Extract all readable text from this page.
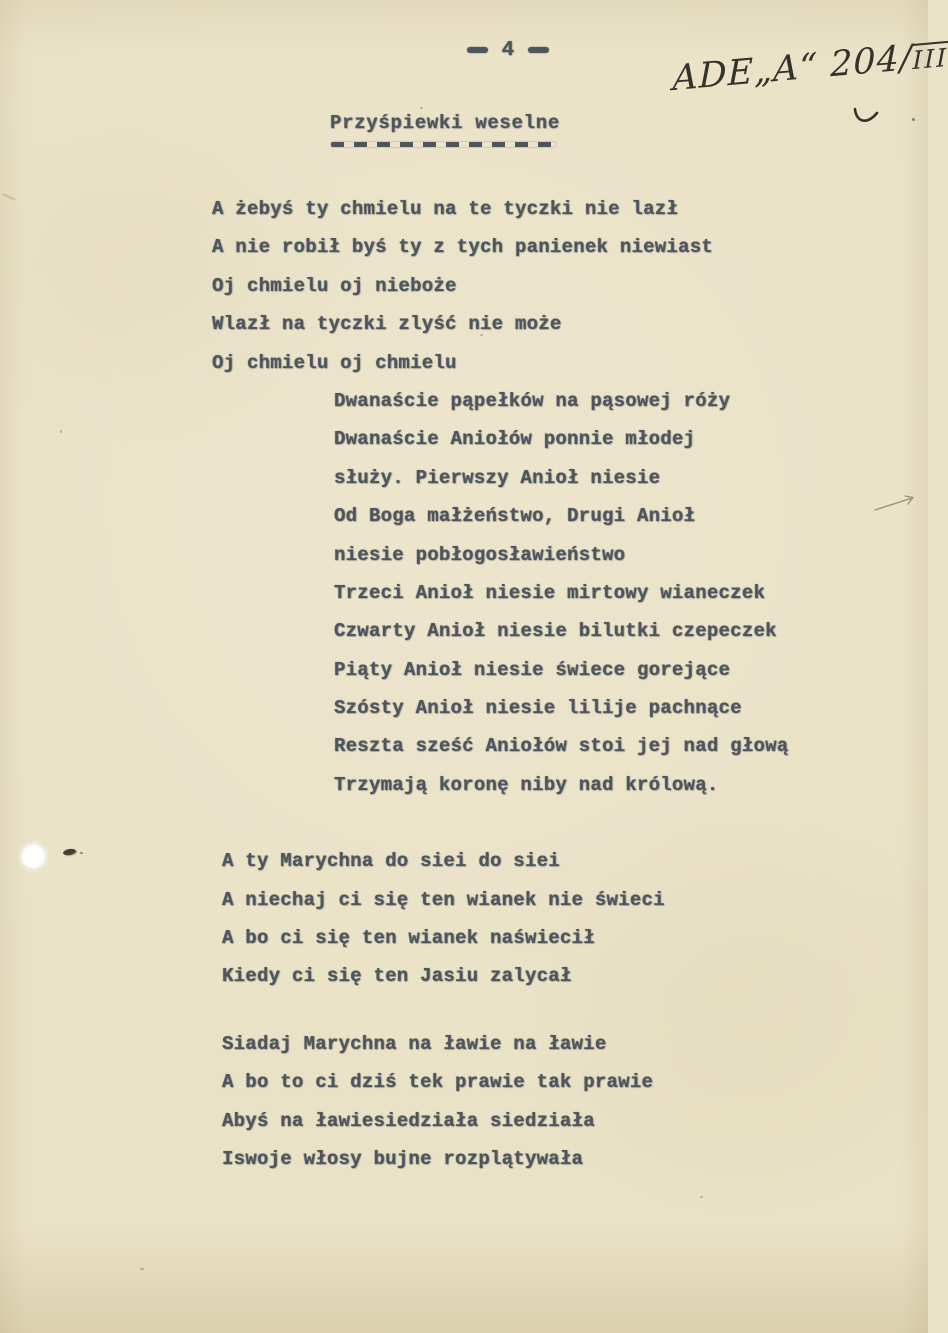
4	ADE„A“ $204/\overline{III}$
Przyśpiewki weselne
A żebyś ty chmielu na te tyczki nie lazł
A nie robił byś ty z tych panienek niewiast
Oj chmielu oj nieboże
Wlazł na tyczki zlyść nie może
Oj chmielu oj chmielu
Dwanaście pąpełków na pąsowej róży
Dwanaście Aniołów ponnie młodej
służy. Pierwszy Anioł niesie
Od Boga małżeństwo, Drugi Anioł
niesie pobłogosławieństwo
Trzeci Anioł niesie mirtowy wianeczek
Czwarty Anioł niesie bilutki czepeczek
Piąty Anioł niesie świece gorejące
Szósty Anioł niesie lilije pachnące
Reszta sześć Aniołów stoi jej nad głową
Trzymają koronę niby nad królową.
A ty Marychna do siei do siei
A niechaj ci się ten wianek nie świeci
A bo ci się ten wianek naświecił
Kiedy ci się ten Jasiu zalycał
Siadaj Marychna na ławie na ławie
A bo to ci dziś tek prawie tak prawie
Abyś na ławiesiedziała siedziała
Iswoje włosy bujne rozplątywała
